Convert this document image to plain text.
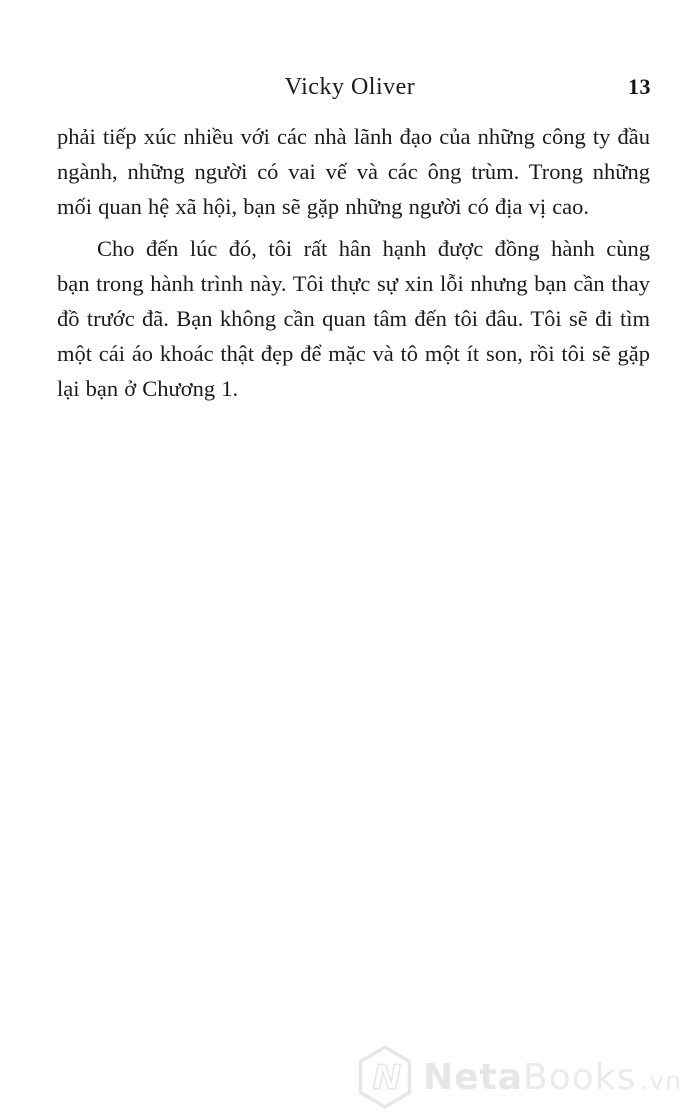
Vicky Oliver	13
phải tiếp xúc nhiều với các nhà lãnh đạo của những công ty đầu
ngành, những người có vai vế và các ông trùm. Trong những
mối quan hệ xã hội, bạn sẽ gặp những người có địa vị cao.
Cho đến lúc đó, tôi rất hân hạnh được đồng hành cùng
bạn trong hành trình này. Tôi thực sự xin lỗi nhưng bạn cần thay
đồ trước đã. Bạn không cần quan tâm đến tôi đâu. Tôi sẽ đi tìm
một cái áo khoác thật đẹp để mặc và tô một ít son, rồi tôi sẽ gặp
lại bạn ở Chương 1.
N NetaBooks .vn
